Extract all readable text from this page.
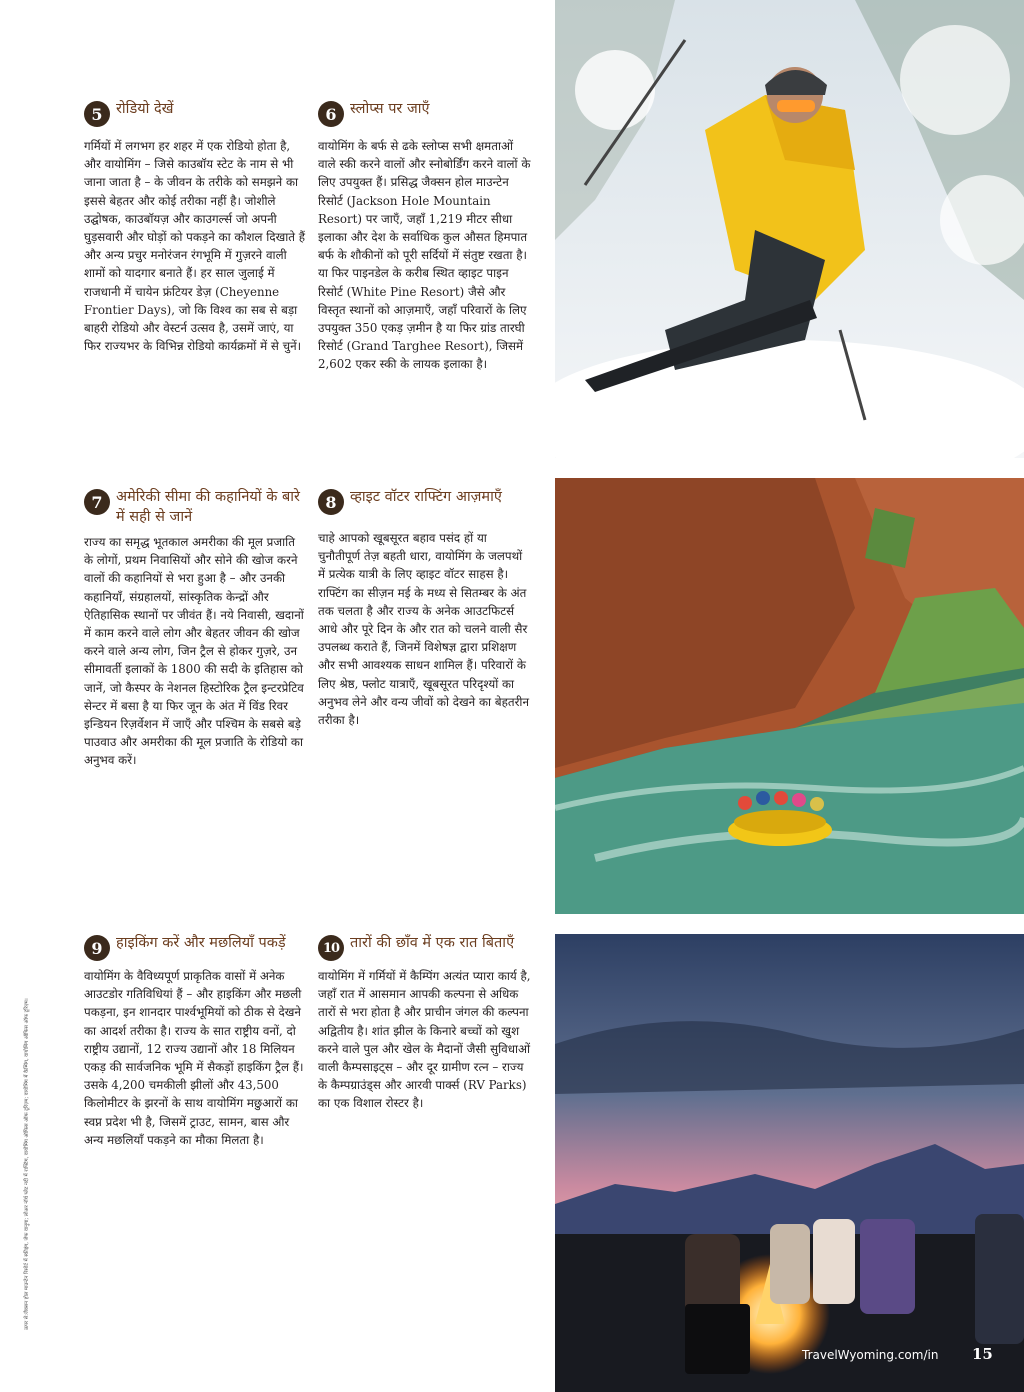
5 रोडियो देखें
गर्मियों में लगभग हर शहर में एक रोडियो होता है, और वायोमिंग – जिसे काउबॉय स्टेट के नाम से भी जाना जाता है – के जीवन के तरीके को समझने का इससे बेहतर और कोई तरीका नहीं है। जोशीले उद्घोषक, काउबॉयज़ और काउगर्ल्स जो अपनी घुड़सवारी और घोड़ों को पकड़ने का कौशल दिखाते हैं और अन्य प्रचुर मनोरंजन रंगभूमि में गुज़रने वाली शामों को यादगार बनाते हैं। हर साल जुलाई में राजधानी में चायेन फ्रंटियर डेज़ (Cheyenne Frontier Days), जो कि विश्व का सब से बड़ा बाहरी रोडियो और वेस्टर्न उत्सव है, उसमें जाएं, या फिर राज्यभर के विभिन्न रोडियो कार्यक्रमों में से चुनें।
7 अमेरिकी सीमा की कहानियों के बारे में सही से जानें
राज्य का समृद्ध भूतकाल अमरीका की मूल प्रजाति के लोगों, प्रथम निवासियों और सोने की खोज करने वालों की कहानियों से भरा हुआ है – और उनकी कहानियाँ, संग्रहालयों, सांस्कृतिक केन्द्रों और ऐतिहासिक स्थानों पर जीवंत हैं। नये निवासी, खदानों में काम करने वाले लोग और बेहतर जीवन की खोज करने वाले अन्य लोग, जिन ट्रैल से होकर गुज़रे, उन सीमावर्ती इलाकों के 1800 की सदी के इतिहास को जानें, जो कैस्पर के नेशनल हिस्टोरिक ट्रैल इन्टरप्रेटिव सेन्टर में बसा है या फिर जून के अंत में विंड रिवर इन्डियन रिज़र्वेशन में जाएँ और पश्चिम के सबसे बड़े पाउवाउ और अमरीका की मूल प्रजाति के रोडियो का अनुभव करें।
9 हाइकिंग करें और मछलियाँ पकड़ें
वायोमिंग के वैविध्यपूर्ण प्राकृतिक वासों में अनेक आउटडोर गतिविधियां हैं – और हाइकिंग और मछली पकड़ना, इन शानदार पार्श्वभूमियों को ठीक से देखने का आदर्श तरीका है। राज्य के सात राष्ट्रीय वनों, दो राष्ट्रीय उद्यानों, 12 राज्य उद्यानों और 18 मिलियन एकड़ की सार्वजनिक भूमि में सैकड़ों हाइकिंग ट्रैल हैं। उसके 4,200 चमकीली झीलों और 43,500 किलोमीटर के झरनों के साथ वायोमिंग मछुआरों का स्वप्न प्रदेश भी है, जिसमें ट्राउट, सामन, बास और अन्य मछलियाँ पकड़ने का मौका मिलता है।
6 स्लोप्स पर जाएँ
वायोमिंग के बर्फ से ढके स्लोप्स सभी क्षमताओं वाले स्की करने वालों और स्नोबोर्डिंग करने वालों के लिए उपयुक्त हैं। प्रसिद्ध जैक्सन होल माउन्टेन रिसोर्ट (Jackson Hole Mountain Resort) पर जाएँ, जहाँ 1,219 मीटर सीधा इलाका और देश के सर्वाधिक कुल औसत हिमपात बर्फ के शौकीनों को पूरी सर्दियों में संतुष्ट रखता है। या फिर पाइनडेल के करीब स्थित व्हाइट पाइन रिसोर्ट (White Pine Resort) जैसे और विस्तृत स्थानों को आज़माएँ, जहाँ परिवारों के लिए उपयुक्त 350 एकड़ ज़मीन है या फिर ग्रांड तारघी रिसोर्ट (Grand Targhee Resort), जिसमें 2,602 एकर स्की के लायक इलाका है।
8 व्हाइट वॉटर राफ्टिंग आज़माएँ
चाहे आपको खूबसूरत बहाव पसंद हों या चुनौतीपूर्ण तेज़ बहती धारा, वायोमिंग के जलपथों में प्रत्येक यात्री के लिए व्हाइट वॉटर साहस है। राफ्टिंग का सीज़न मई के मध्य से सितम्बर के अंत तक चलता है और राज्य के अनेक आउटफिटर्स आधे और पूरे दिन के और रात को चलने वाली सैर उपलब्ध कराते हैं, जिनमें विशेषज्ञ द्वारा प्रशिक्षण और सभी आवश्यक साधन शामिल हैं। परिवारों के लिए श्रेष्ठ, फ्लोट यात्राएँ, खूबसूरत परिदृश्यों का अनुभव लेने और वन्य जीवों को देखने का बेहतरीन तरीका है।
10 तारों की छाँव में एक रात बिताएँ
वायोमिंग में गर्मियों में कैम्पिंग अत्यंत प्यारा कार्य है, जहाँ रात में आसमान आपकी कल्पना से अधिक तारों से भरा होता है और प्राचीन जंगल की कल्पना अद्वितीय है। शांत झील के किनारे बच्चों को खुश करने वाले पुल और खेल के मैदानों जैसी सुविधाओं वाली कैम्पसाइट्स – और दूर ग्रामीण रत्न – राज्य के कैम्पग्राउंड्स और आरवी पार्क्स (RV Parks) का एक विशाल रोस्टर है।
ऊपर से:जैक्सन होल माउन्टेन रिसोर्ट में स्कीइंग, जेफ वानुगा; लोअर नॉर्थ प्लेट नदी में राफ्टिंग, वायोमिंग ऑफिस ऑफ टूरिज़्म; वायोमिंग में कैम्पिंग, वायोमिंग ऑफिस ऑफ टूरिज़्म।
TravelWyoming.com/in 15
